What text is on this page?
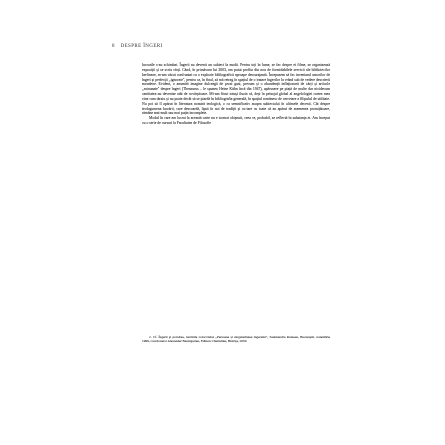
8 DESPRE ÎNGERI

lucrurile s-au schimbat. Îngerii au devenit un subiect la modă. Pentru toți în lume, se fac despre ei filme, se organizează expoziții și se scriu cărți. Când, în primăvara lui 2003, am putut profita din nou de formidabilele servicii ale bibliotecilor berlineze, m-am văzut confruntat cu o explozie bibliografică aproape descurajantă. Începusem să fac inventarul umorilor de îngeri și perfecții ,,ignorate'', pentru ca, în final, să mă retrag în spațiul de o tratare îngerilor la vrând sub de vedere descrierii mondene. Evident, o anumită imagine dulceagă de prost gust, precum și o abundență inflaționară de cărți și articole ,,minunate'' despre îngeri (Thesaurus – le spunea Heine Kühn încă din 1947), apărusere pe piață de multe dar nicidecum cantitatea nu devenise atât de covârșitoare. Mi-am făcut totuși iluzia că, deși în peisajul global al angelologiei cartea mea vine cam târziu și nu poate decât să se piardă în bibliografia generală, în spațiul românesc de cercetare a filipulul de utilitate. Nu pot să îl apărut în literatura noastră teologică, o ca semnificativ asupra subiectului în ultimele decenii. Cât despre teologumena lucrării, care descoardă, lipsă în noi de tradiții și cu-tare cu toate că au apărut de asemenea promițătoare, rămâne mai mult sau mai puțin incomplete.

Modul în care am lucrat la această carte nu e tocmai obișnuit, ceea ce, probabil, se reflectă în substanța ei. Am început cu o serie de cursuri la Facultatea de Filosofie

2. Cf. Îngerii și pornirea, lucrările colocviului ,,Persoana și singularitatea îngerului'', Salamandra Ruleaua, Bucureștii, noiembrie 1999, coordonator Alexander Baumgarten, Editura Charmides, Bistrița, 2000.
